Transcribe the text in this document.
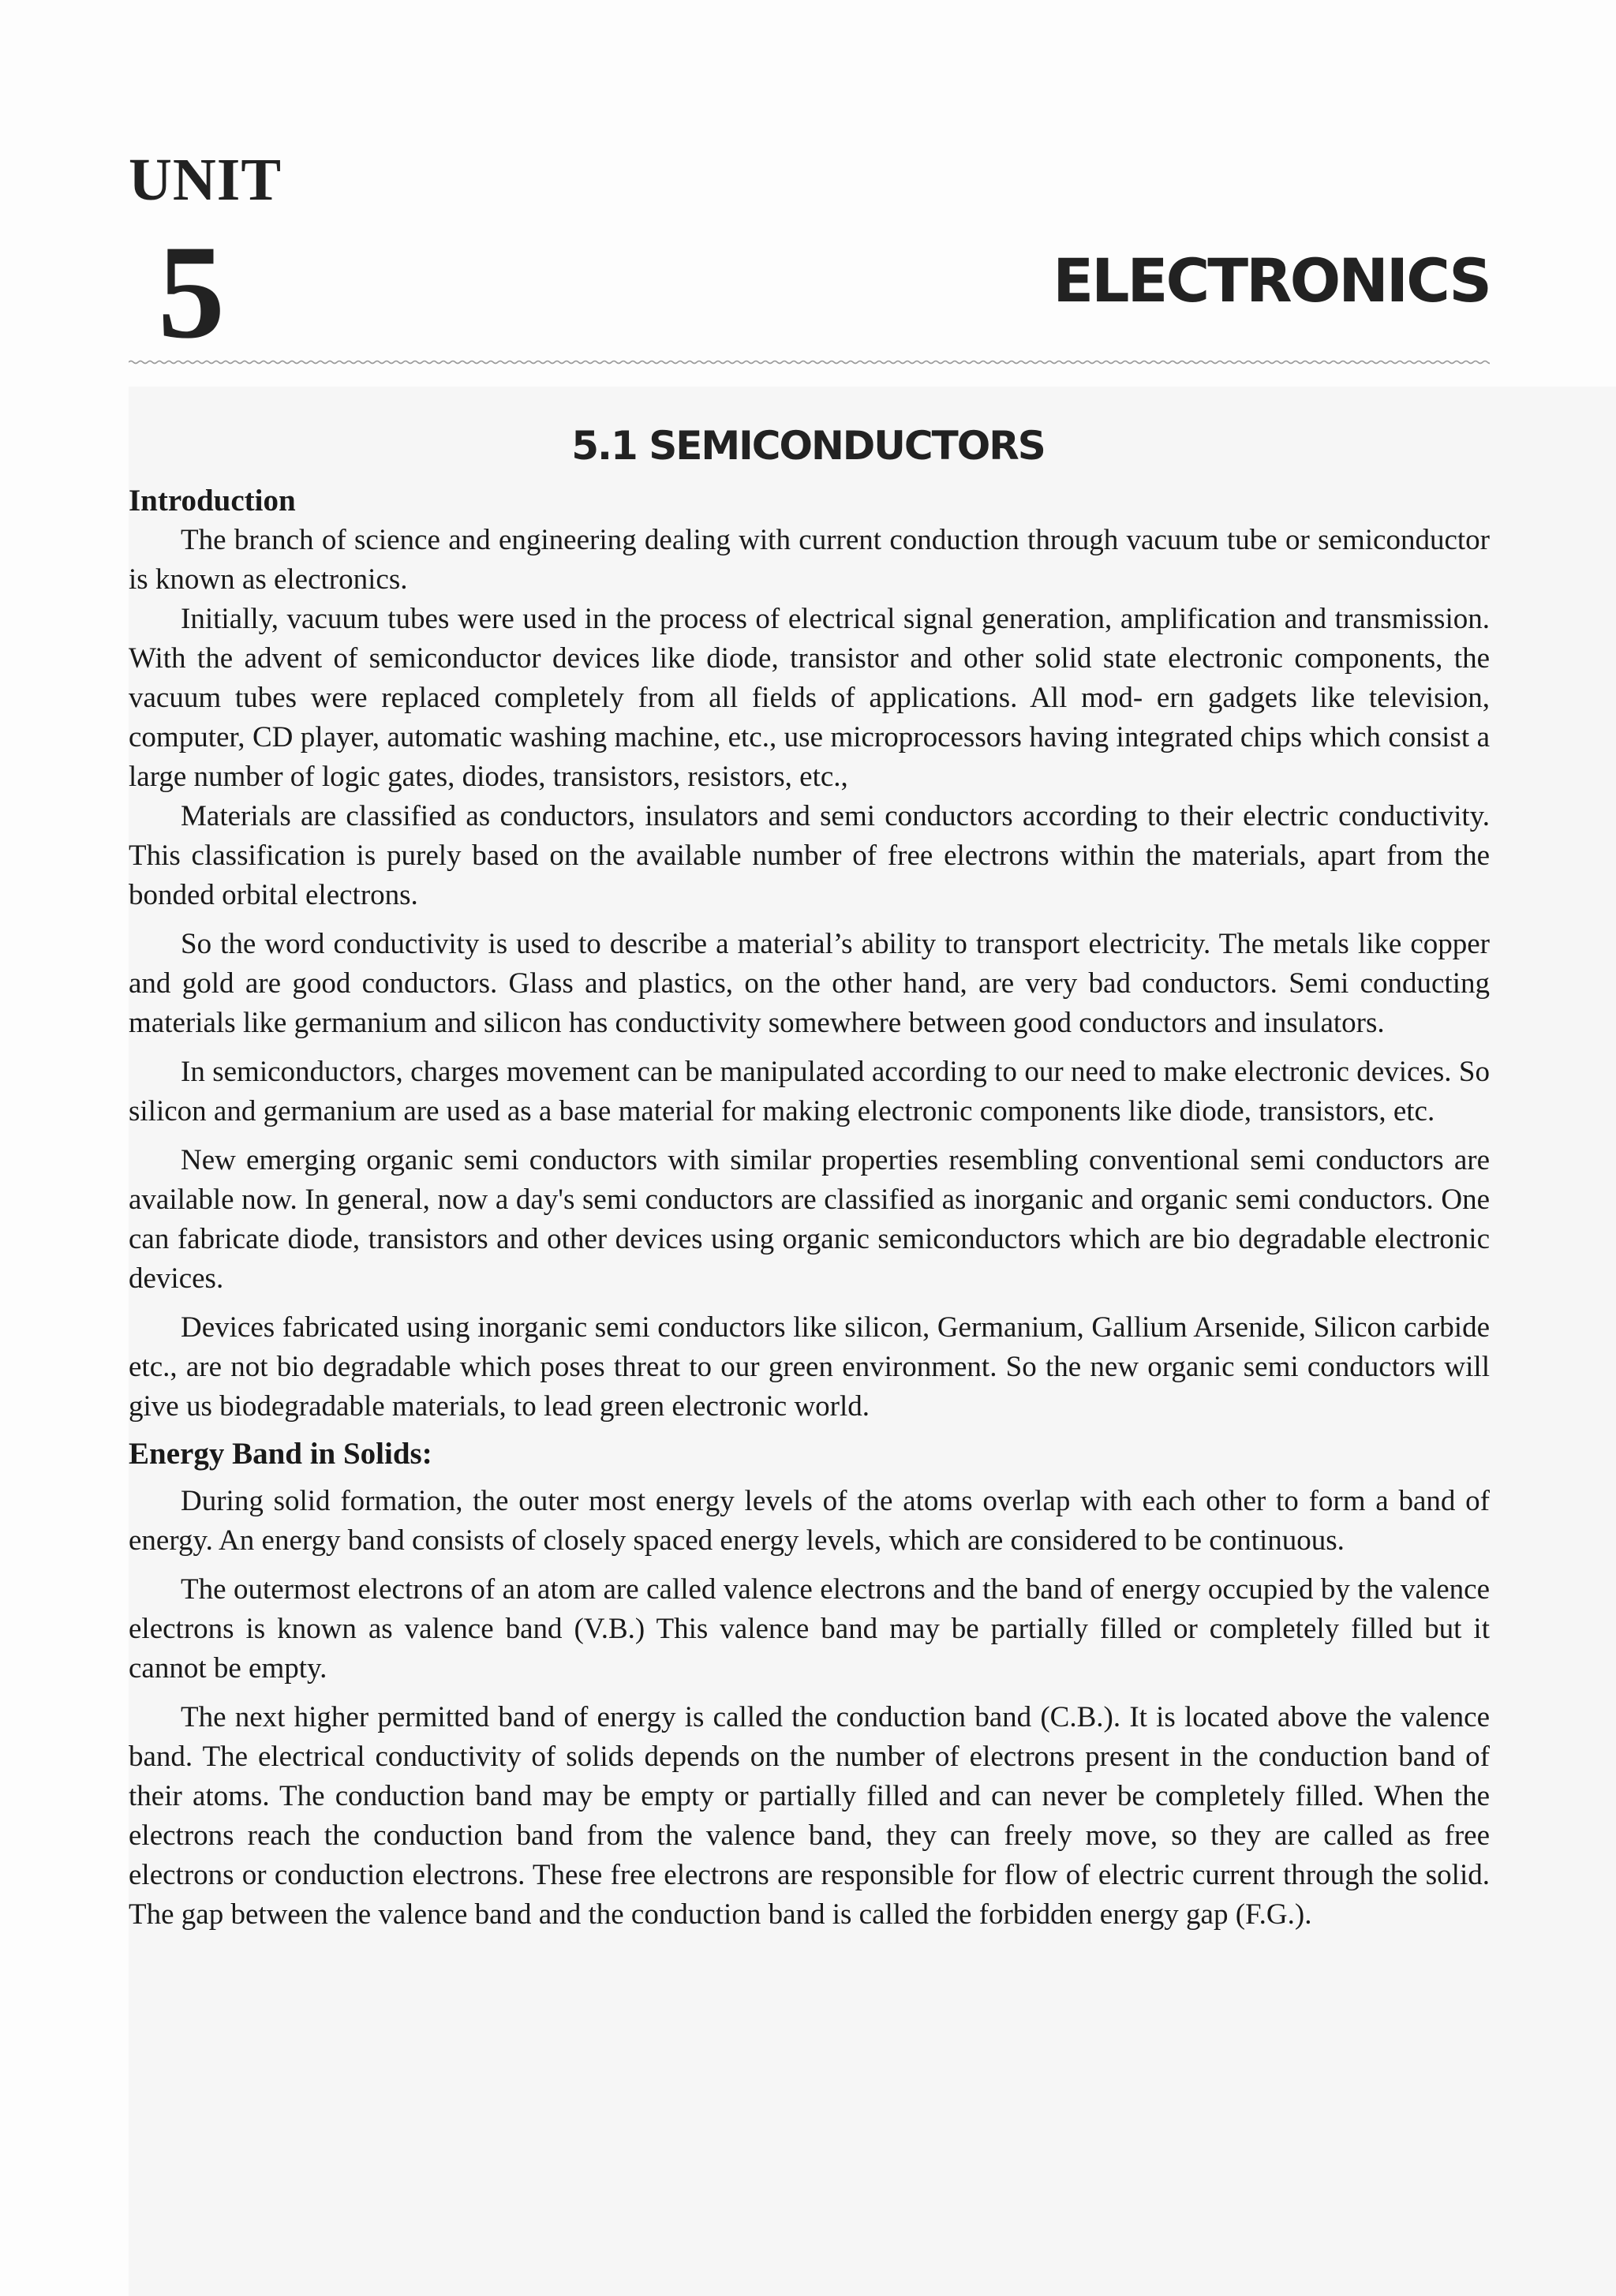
UNIT
5	ELECTRONICS
5.1 SEMICONDUCTORS
Introduction

The branch of science and engineering dealing with current conduction through vacuum tube or semiconductor is known as electronics.

Initially, vacuum tubes were used in the process of electrical signal generation, amplification and transmission. With the advent of semiconductor devices like diode, transistor and other solid state electronic components, the vacuum tubes were replaced completely from all fields of applications. All mod- ern gadgets like television, computer, CD player, automatic washing machine, etc., use microprocessors having integrated chips which consist a large number of logic gates, diodes, transistors, resistors, etc.,

Materials are classified as conductors, insulators and semi conductors according to their electric conductivity. This classification is purely based on the available number of free electrons within the materials, apart from the bonded orbital electrons.

So the word conductivity is used to describe a material’s ability to transport electricity. The metals like copper and gold are good conductors. Glass and plastics, on the other hand, are very bad conductors. Semi conducting materials like germanium and silicon has conductivity somewhere between good conductors and insulators.

In semiconductors, charges movement can be manipulated according to our need to make electronic devices. So silicon and germanium are used as a base material for making electronic components like diode, transistors, etc.

New emerging organic semi conductors with similar properties resembling conventional semi conductors are available now. In general, now a day's semi conductors are classified as inorganic and organic semi conductors. One can fabricate diode, transistors and other devices using organic semiconductors which are bio degradable electronic devices.

Devices fabricated using inorganic semi conductors like silicon, Germanium, Gallium Arsenide, Silicon carbide etc., are not bio degradable which poses threat to our green environment. So the new organic semi conductors will give us biodegradable materials, to lead green electronic world.

Energy Band in Solids:

During solid formation, the outer most energy levels of the atoms overlap with each other to form a band of energy. An energy band consists of closely spaced energy levels, which are considered to be continuous.

The outermost electrons of an atom are called valence electrons and the band of energy occupied by the valence electrons is known as valence band (V.B.) This valence band may be partially filled or completely filled but it cannot be empty.

The next higher permitted band of energy is called the conduction band (C.B.). It is located above the valence band. The electrical conductivity of solids depends on the number of electrons present in the conduction band of their atoms. The conduction band may be empty or partially filled and can never be completely filled. When the electrons reach the conduction band from the valence band, they can freely move, so they are called as free electrons or conduction electrons. These free electrons are responsible for flow of electric current through the solid. The gap between the valence band and the conduction band is called the forbidden energy gap (F.G.).
